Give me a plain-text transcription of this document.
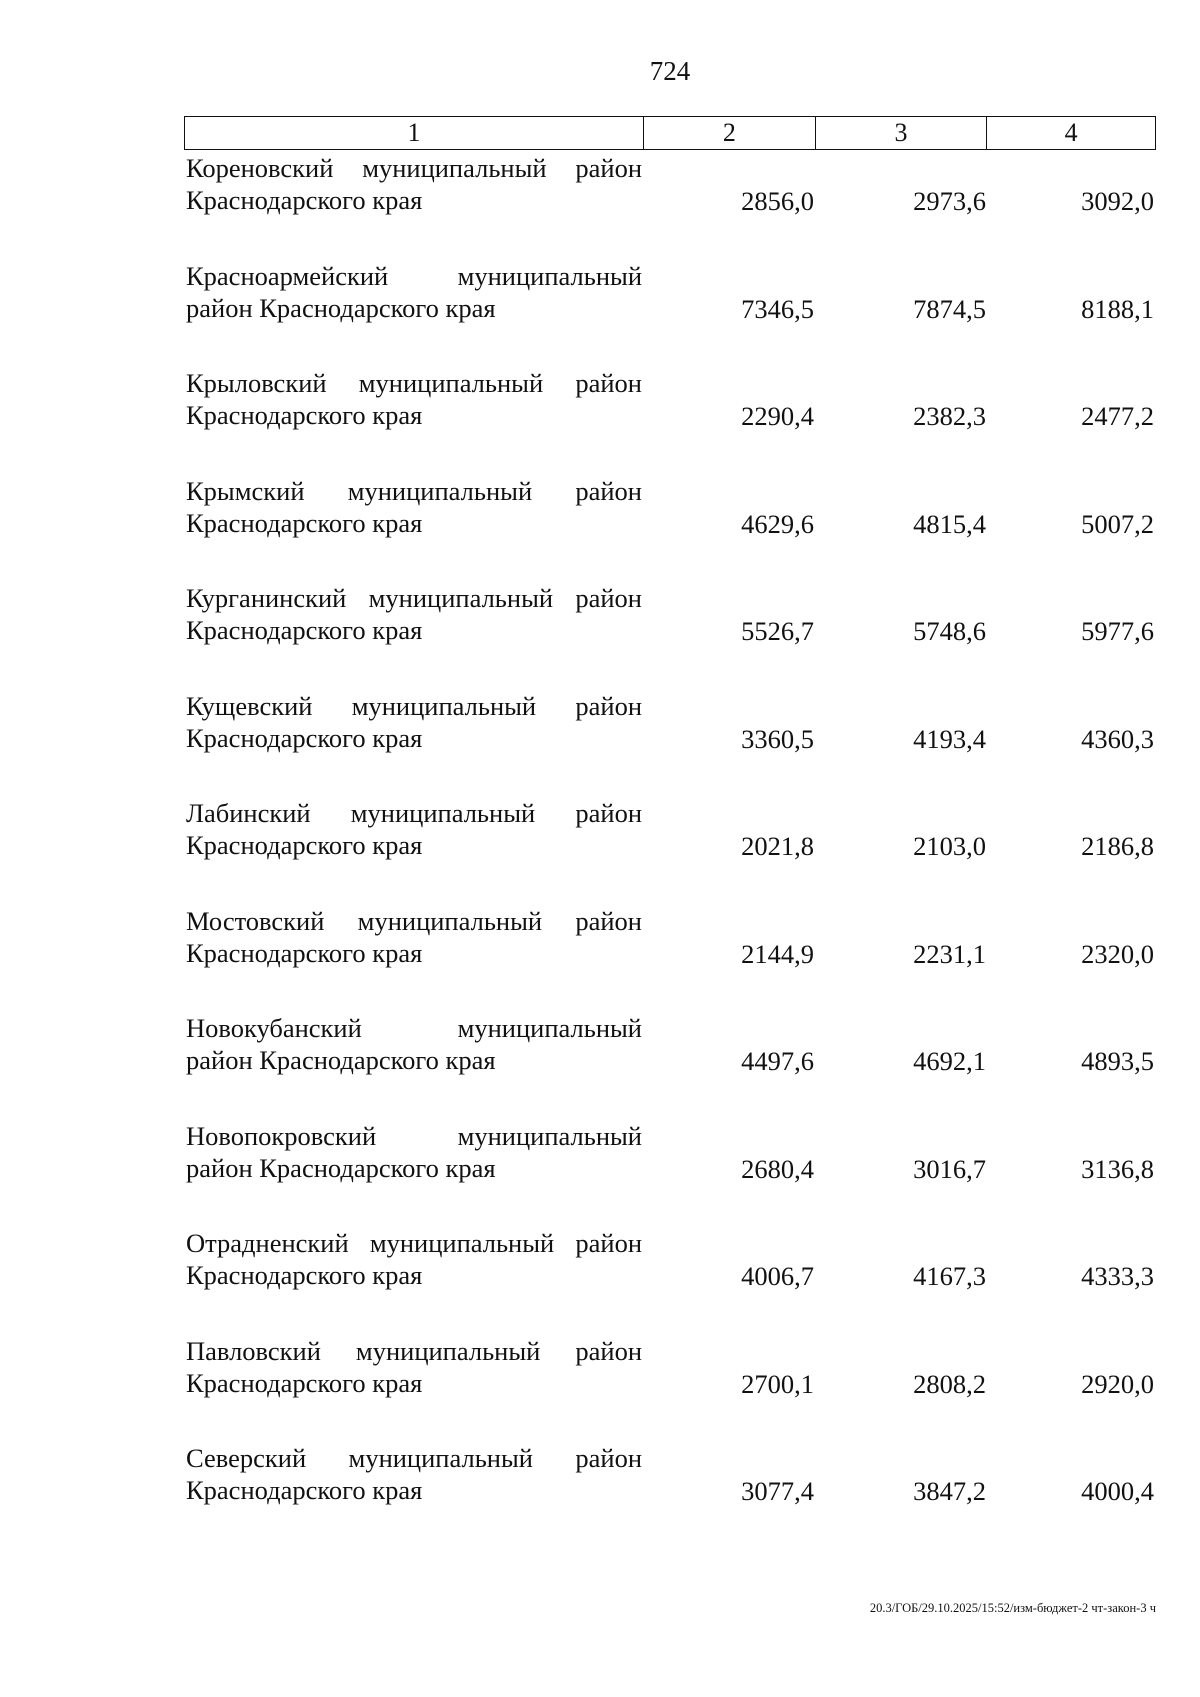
724
1	2	3	4
Кореновский муниципальный район
Краснодарского края	2856,0	2973,6	3092,0
Красноармейский муниципальный
район Краснодарского края	7346,5	7874,5	8188,1
Крыловский муниципальный район
Краснодарского края	2290,4	2382,3	2477,2
Крымский муниципальный район
Краснодарского края	4629,6	4815,4	5007,2
Курганинский муниципальный район
Краснодарского края	5526,7	5748,6	5977,6
Кущевский муниципальный район
Краснодарского края	3360,5	4193,4	4360,3
Лабинский муниципальный район
Краснодарского края	2021,8	2103,0	2186,8
Мостовский муниципальный район
Краснодарского края	2144,9	2231,1	2320,0
Новокубанский муниципальный
район Краснодарского края	4497,6	4692,1	4893,5
Новопокровский муниципальный
район Краснодарского края	2680,4	3016,7	3136,8
Отрадненский муниципальный район
Краснодарского края	4006,7	4167,3	4333,3
Павловский муниципальный район
Краснодарского края	2700,1	2808,2	2920,0
Северский муниципальный район
Краснодарского края	3077,4	3847,2	4000,4
20.3/ГОБ/29.10.2025/15:52/изм-бюджет-2 чт-закон-3 ч
